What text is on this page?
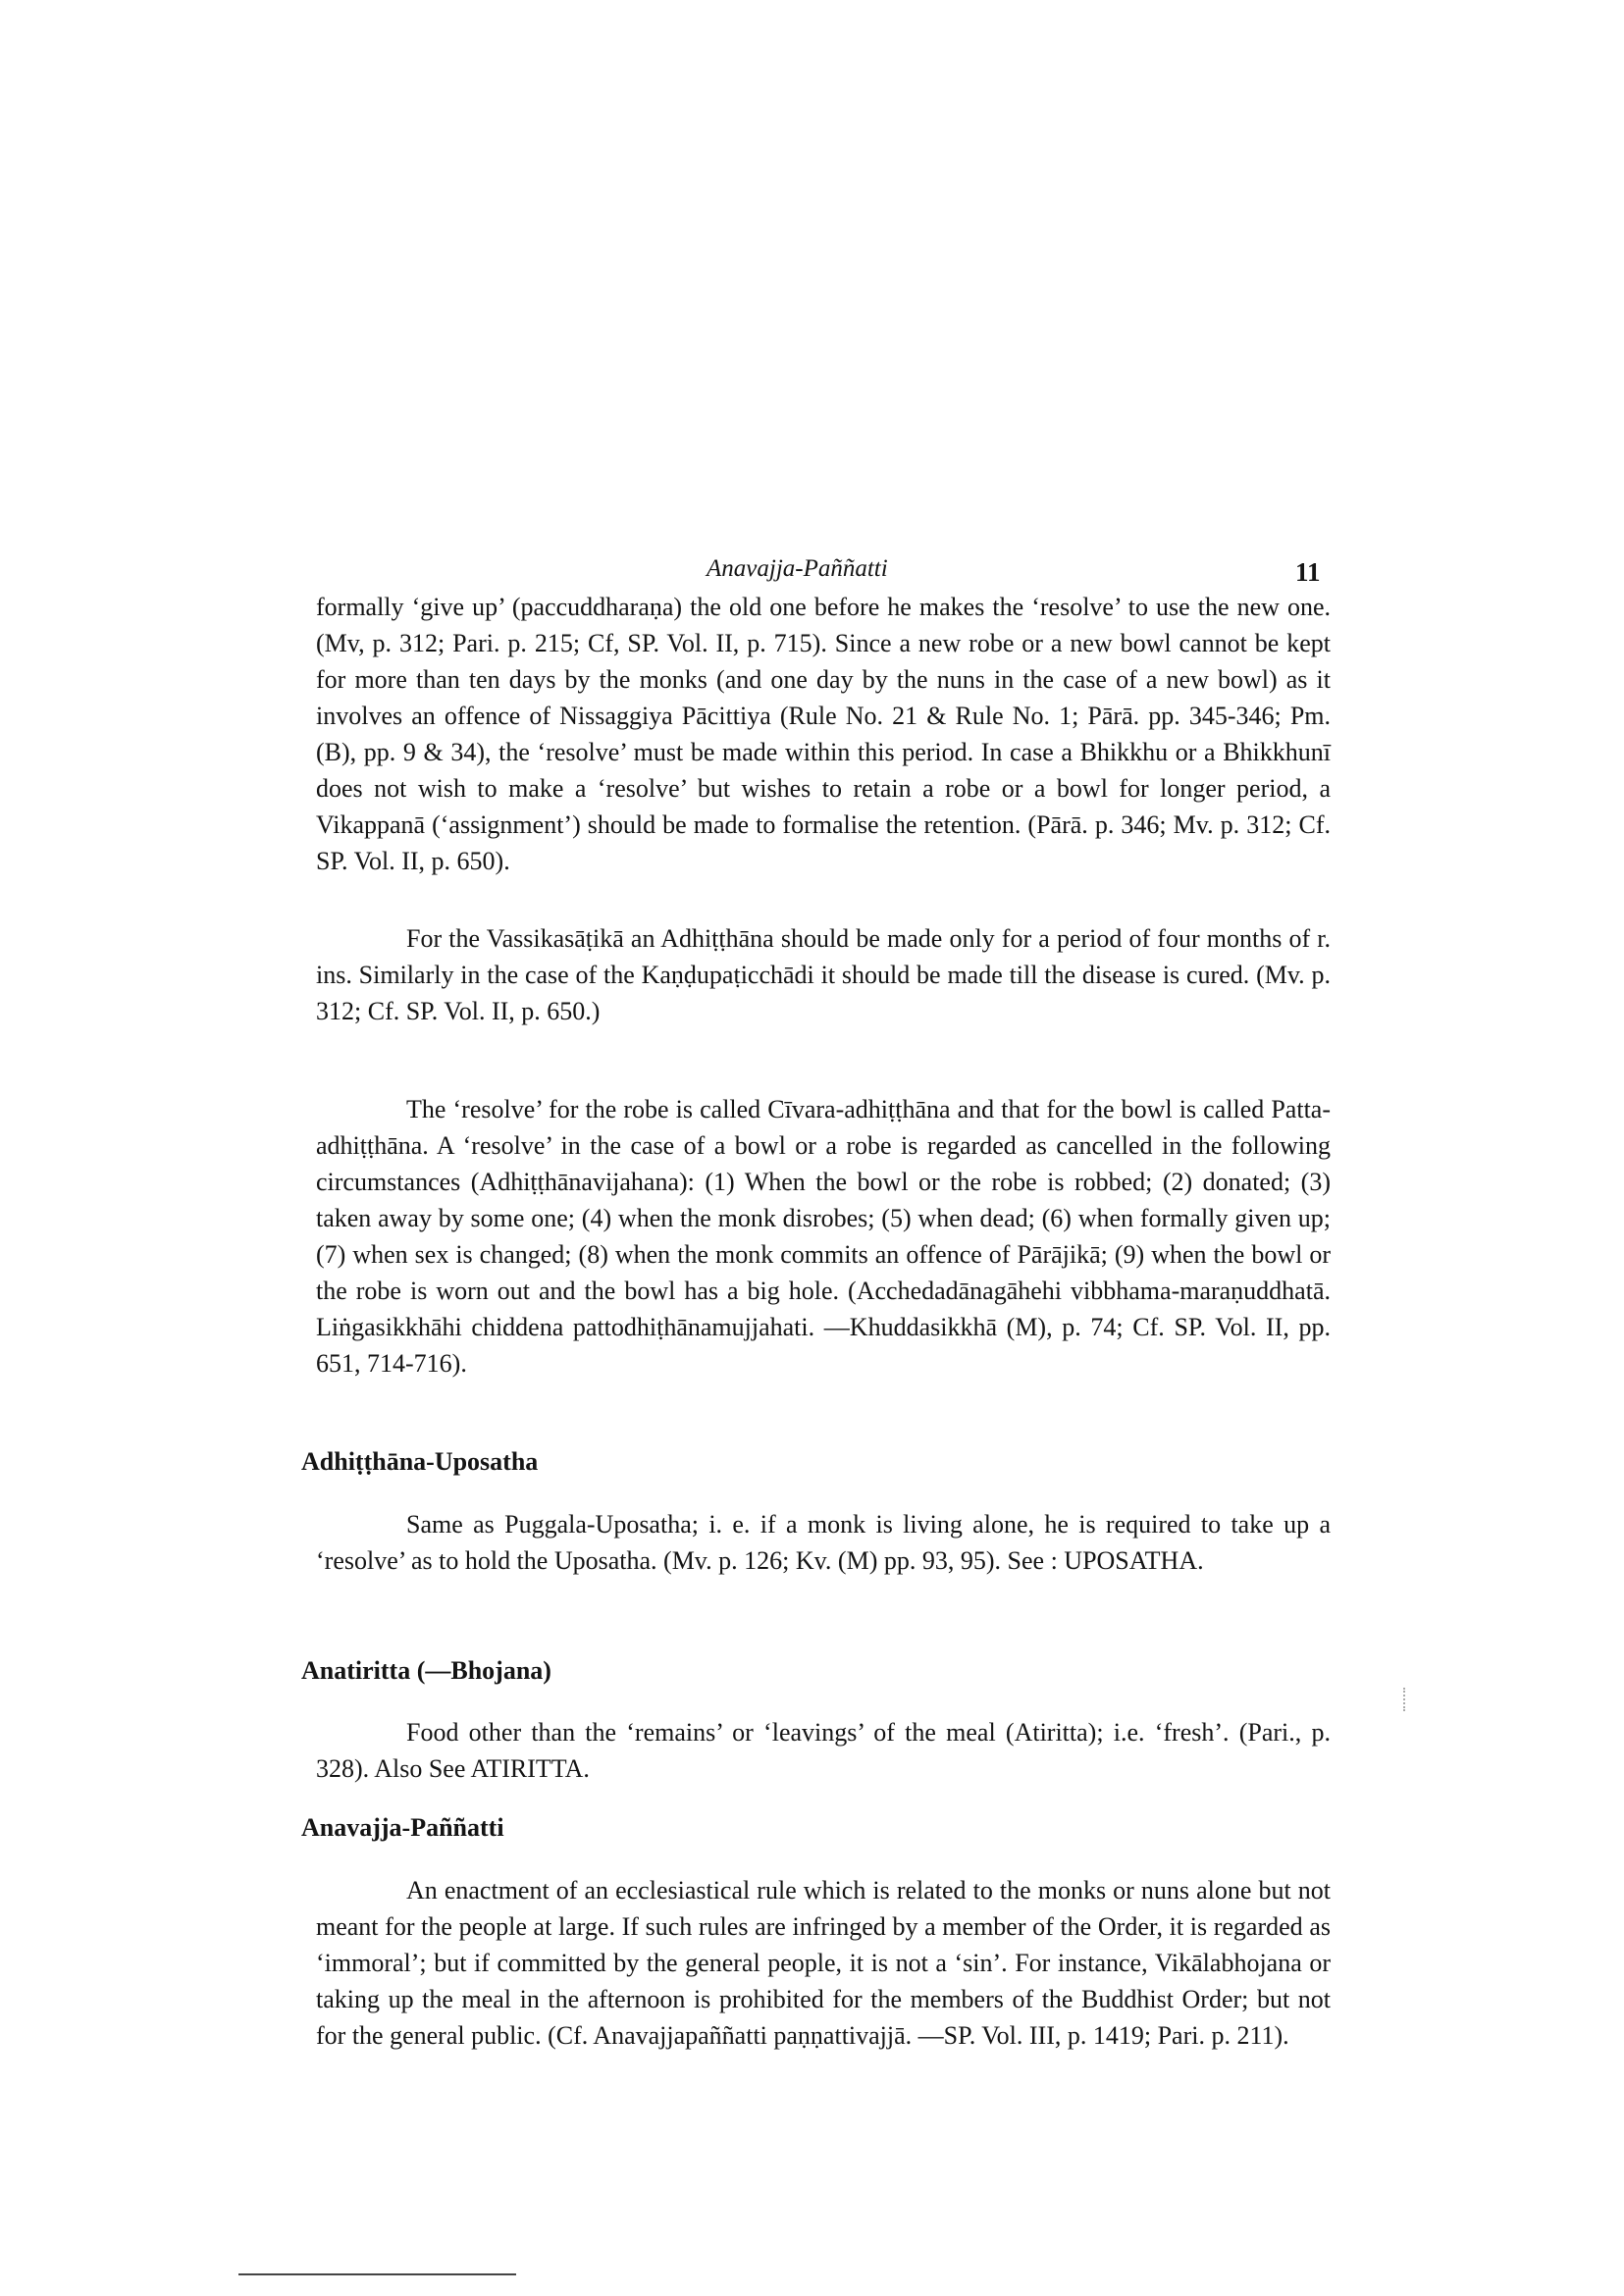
Anavajja-Paññatti	11

formally ‘give up’ (paccuddharaṇa) the old one before he makes the ‘resolve’ to use the new one. (Mv, p. 312; Pari. p. 215; Cf, SP. Vol. II, p. 715). Since a new robe or a new bowl cannot be kept for more than ten days by the monks (and one day by the nuns in the case of a new bowl) as it involves an offence of Nissaggiya Pācittiya (Rule No. 21 & Rule No. 1; Pārā. pp. 345-346; Pm. (B), pp. 9 & 34), the ‘resolve’ must be made within this period. In case a Bhikkhu or a Bhikkhunī does not wish to make a ‘resolve’ but wishes to retain a robe or a bowl for longer period, a Vikappanā (‘assignment’) should be made to formalise the retention. (Pārā. p. 346; Mv. p. 312; Cf. SP. Vol. II, p. 650).

For the Vassikasāṭikā an Adhiṭṭhāna should be made only for a period of four months of r. ins. Similarly in the case of the Kaṇḍupaṭicchādi it should be made till the disease is cured. (Mv. p. 312; Cf. SP. Vol. II, p. 650.)

The ‘resolve’ for the robe is called Cīvara-adhiṭṭhāna and that for the bowl is called Patta-adhiṭṭhāna. A ‘resolve’ in the case of a bowl or a robe is regarded as cancelled in the following circumstances (Adhiṭṭhānavijahana): (1) When the bowl or the robe is robbed; (2) donated; (3) taken away by some one; (4) when the monk disrobes; (5) when dead; (6) when formally given up; (7) when sex is changed; (8) when the monk commits an offence of Pārājikā; (9) when the bowl or the robe is worn out and the bowl has a big hole. (Acchedadānagāhehi vibbhama-maraṇuddhatā. Liṅgasikkhāhi chiddena pattodhiṭhānamujjahati. —Khuddasikkhā (M), p. 74; Cf. SP. Vol. II, pp. 651, 714-716).

Adhiṭṭhāna-Uposatha

Same as Puggala-Uposatha; i. e. if a monk is living alone, he is required to take up a ‘resolve’ as to hold the Uposatha. (Mv. p. 126; Kv. (M) pp. 93, 95). See : UPOSATHA.

Anatiritta (—Bhojana)

Food other than the ‘remains’ or ‘leavings’ of the meal (Atiritta); i.e. ‘fresh’. (Pari., p. 328). Also See ATIRITTA.

Anavajja-Paññatti

An enactment of an ecclesiastical rule which is related to the monks or nuns alone but not meant for the people at large. If such rules are infringed by a member of the Order, it is regarded as ‘immoral’; but if committed by the general people, it is not a ‘sin’. For instance, Vikālabhojana or taking up the meal in the afternoon is prohibited for the members of the Buddhist Order; but not for the general public. (Cf. Anavajjapaññatti paṇṇattivajjā. —SP. Vol. III, p. 1419; Pari. p. 211).
